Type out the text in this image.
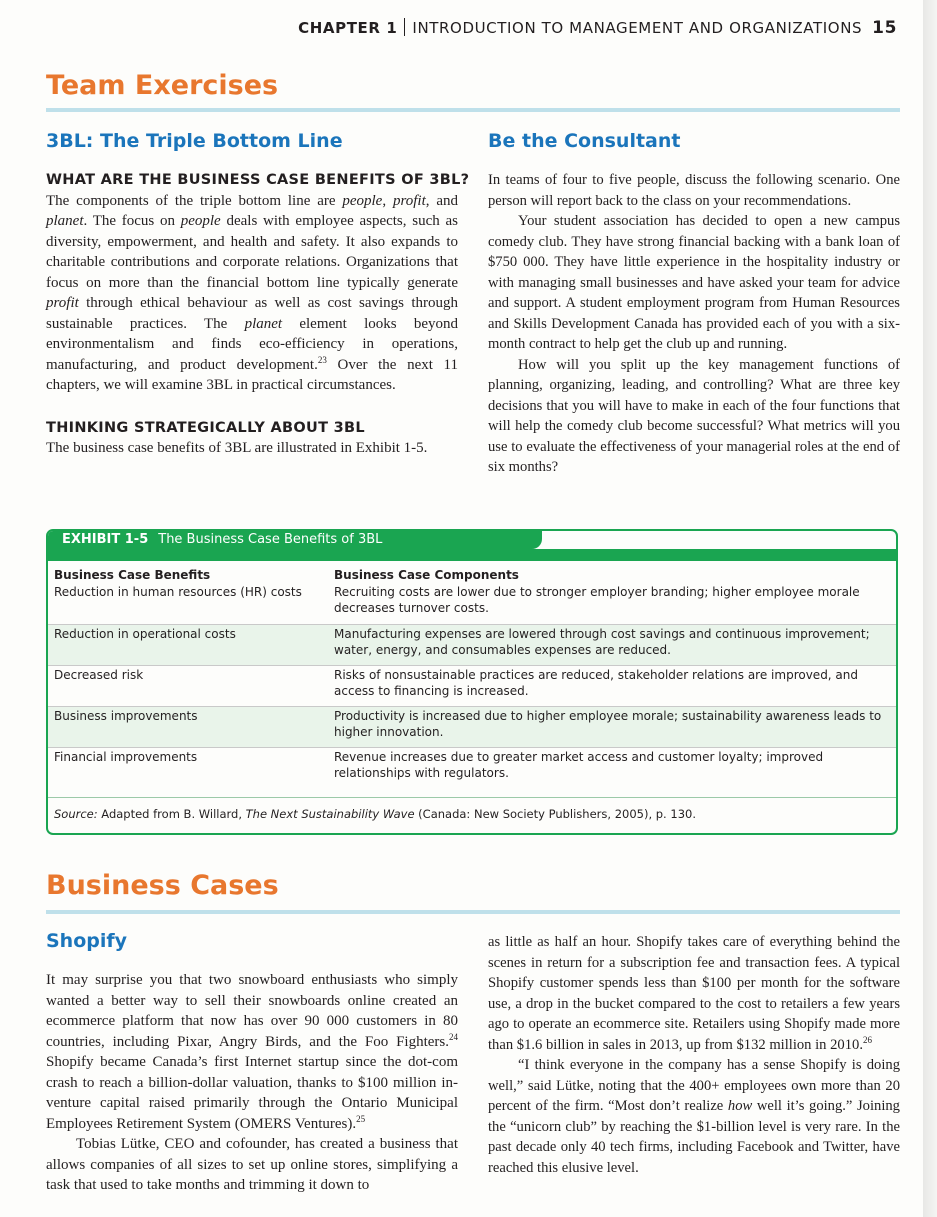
CHAPTER 1 INTRODUCTION TO MANAGEMENT AND ORGANIZATIONS 15
Team Exercises
3BL: The Triple Bottom Line	Be the Consultant

WHAT ARE THE BUSINESS CASE BENEFITS OF 3BL?

The components of the triple bottom line are people, profit, and planet. The focus on people deals with employee aspects, such as diversity, empowerment, and health and safety. It also expands to charitable contributions and corporate relations. Organizations that focus on more than the financial bottom line typically generate profit through ethical behaviour as well as cost savings through sustainable practices. The planet element looks beyond environmentalism and finds eco-efficiency in operations, manufacturing, and product development.$^{23}$ Over the next 11 chapters, we will examine 3BL in practical circumstances.

THINKING STRATEGICALLY ABOUT 3BL

The business case benefits of 3BL are illustrated in Exhibit 1-5.

In teams of four to five people, discuss the following scenario. One person will report back to the class on your recommendations.

Your student association has decided to open a new campus comedy club. They have strong financial backing with a bank loan of $750 000. They have little experience in the hospitality industry or with managing small businesses and have asked your team for advice and support. A student employment program from Human Resources and Skills Development Canada has provided each of you with a six-month contract to help get the club up and running.

How will you split up the key management functions of planning, organizing, leading, and controlling? What are three key decisions that you will have to make in each of the four functions that will help the comedy club become successful? What metrics will you use to evaluate the effectiveness of your managerial roles at the end of six months?

EXHIBIT 1-5 The Business Case Benefits of 3BL
Business Case Benefits	Business Case Components
Reduction in human resources (HR) costs	Recruiting costs are lower due to stronger employer branding; higher employee morale decreases turnover costs.
Reduction in operational costs	Manufacturing expenses are lowered through cost savings and continuous improvement; water, energy, and consumables expenses are reduced.
Decreased risk	Risks of nonsustainable practices are reduced, stakeholder relations are improved, and access to financing is increased.
Business improvements	Productivity is increased due to higher employee morale; sustainability awareness leads to higher innovation.
Financial improvements	Revenue increases due to greater market access and customer loyalty; improved relationships with regulators.
Source: Adapted from B. Willard, The Next Sustainability Wave (Canada: New Society Publishers, 2005), p. 130.
Business Cases
Shopify

It may surprise you that two snowboard enthusiasts who simply wanted a better way to sell their snowboards online created an ecommerce platform that now has over 90 000 customers in 80 countries, including Pixar, Angry Birds, and the Foo Fighters.$^{24}$ Shopify became Canada’s first Internet startup since the dot-com crash to reach a billion-dollar valuation, thanks to $100 million in-venture capital raised primarily through the Ontario Municipal Employees Retirement System (OMERS Ventures).$^{25}$

Tobias Lütke, CEO and cofounder, has created a business that allows companies of all sizes to set up online stores, simplifying a task that used to take months and trimming it down to

as little as half an hour. Shopify takes care of everything behind the scenes in return for a subscription fee and transaction fees. A typical Shopify customer spends less than $100 per month for the software use, a drop in the bucket compared to the cost to retailers a few years ago to operate an ecommerce site. Retailers using Shopify made more than $1.6 billion in sales in 2013, up from $132 million in 2010.26

“I think everyone in the company has a sense Shopify is doing well,” said Lütke, noting that the 400+ employees own more than 20 percent of the firm. “Most don’t realize how well it’s going.” Joining the “unicorn club” by reaching the $1-billion level is very rare. In the past decade only 40 tech firms, including Facebook and Twitter, have reached this elusive level.
